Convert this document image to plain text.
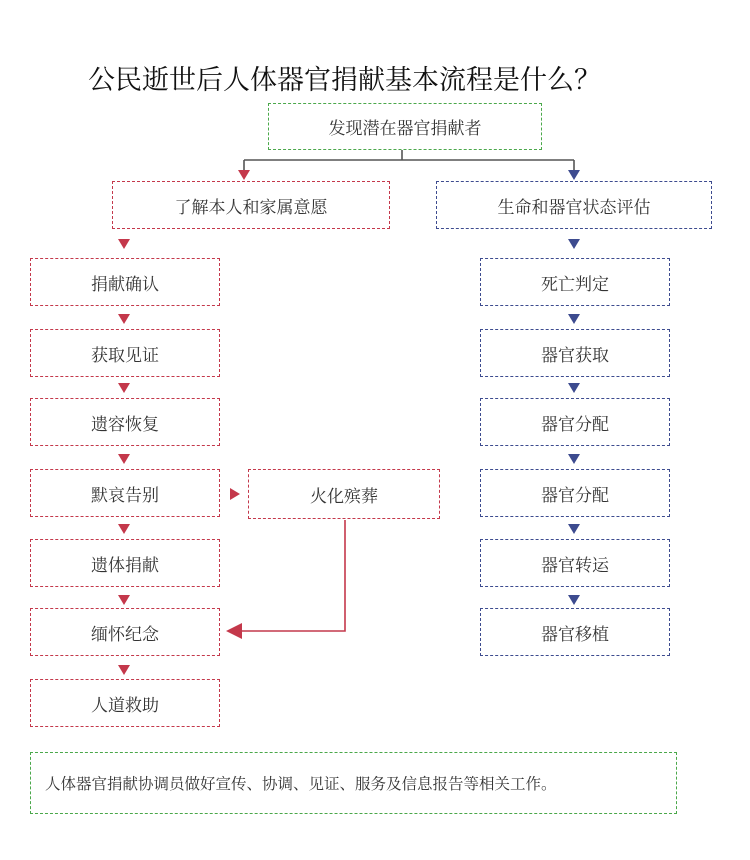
公民逝世后人体器官捐献基本流程是什么？
发现潜在器官捐献者
了解本人和家属意愿	生命和器官状态评估
捐献确认
获取见证
遗容恢复
默哀告别
遗体捐献
缅怀纪念
人道救助
火化殡葬
死亡判定
器官获取
器官分配
器官分配
器官转运
器官移植
人体器官捐献协调员做好宣传、协调、见证、服务及信息报告等相关工作。
